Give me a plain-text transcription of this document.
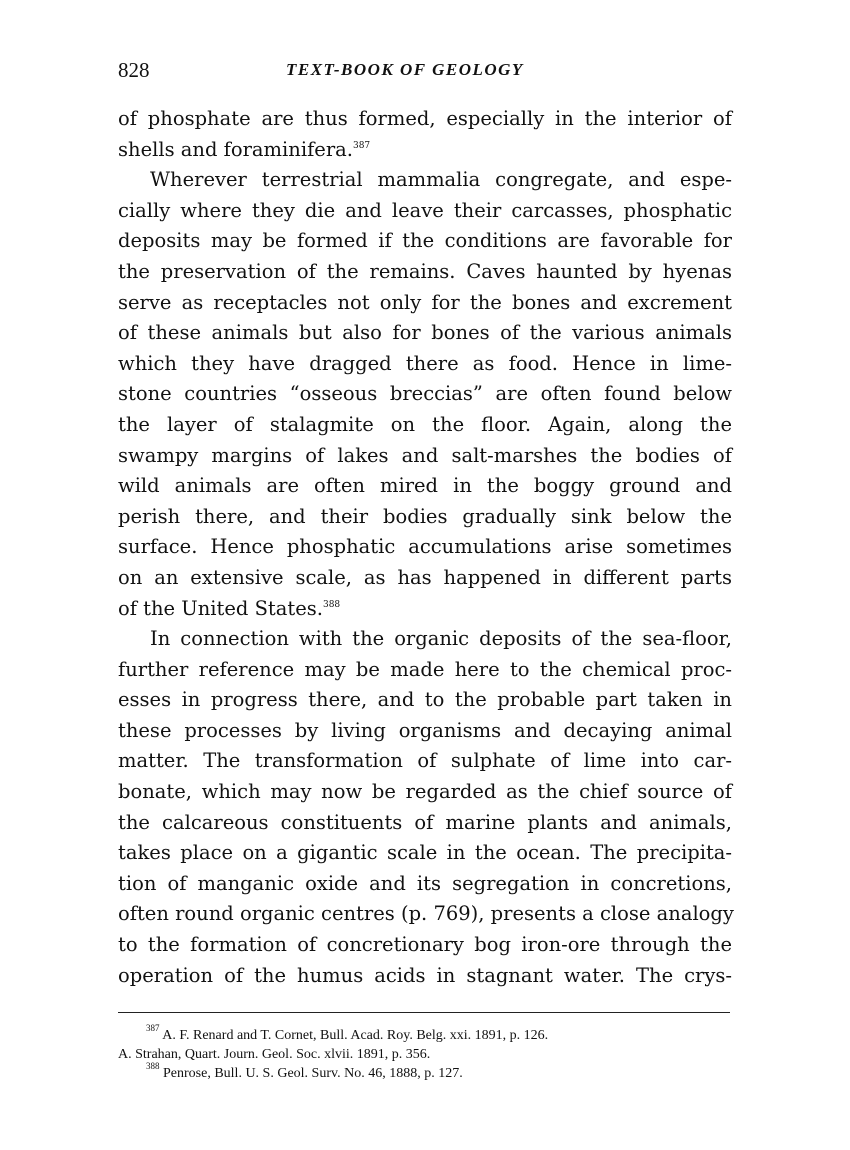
828	TEXT-BOOK OF GEOLOGY
of phosphate are thus formed, especially in the interior of
shells and foraminifera.$^{387}$
Wherever terrestrial mammalia congregate, and espe-
cially where they die and leave their carcasses, phosphatic
deposits may be formed if the conditions are favorable for
the preservation of the remains. Caves haunted by hyenas
serve as receptacles not only for the bones and excrement
of these animals but also for bones of the various animals
which they have dragged there as food. Hence in lime-
stone countries “osseous breccias” are often found below
the layer of stalagmite on the floor. Again, along the
swampy margins of lakes and salt-marshes the bodies of
wild animals are often mired in the boggy ground and
perish there, and their bodies gradually sink below the
surface. Hence phosphatic accumulations arise sometimes
on an extensive scale, as has happened in different parts
of the United States.$^{388}$
In connection with the organic deposits of the sea-floor,
further reference may be made here to the chemical proc-
esses in progress there, and to the probable part taken in
these processes by living organisms and decaying animal
matter. The transformation of sulphate of lime into car-
bonate, which may now be regarded as the chief source of
the calcareous constituents of marine plants and animals,
takes place on a gigantic scale in the ocean. The precipita-
tion of manganic oxide and its segregation in concretions,
often round organic centres (p. 769), presents a close analogy
to the formation of concretionary bog iron-ore through the
operation of the humus acids in stagnant water. The crys-
$^{387}$ A. F. Renard and T. Cornet, Bull. Acad. Roy. Belg. xxi. 1891, p. 126.
A. Strahan, Quart. Journ. Geol. Soc. xlvii. 1891, p. 356.
$^{388}$ Penrose, Bull. U. S. Geol. Surv. No. 46, 1888, p. 127.
